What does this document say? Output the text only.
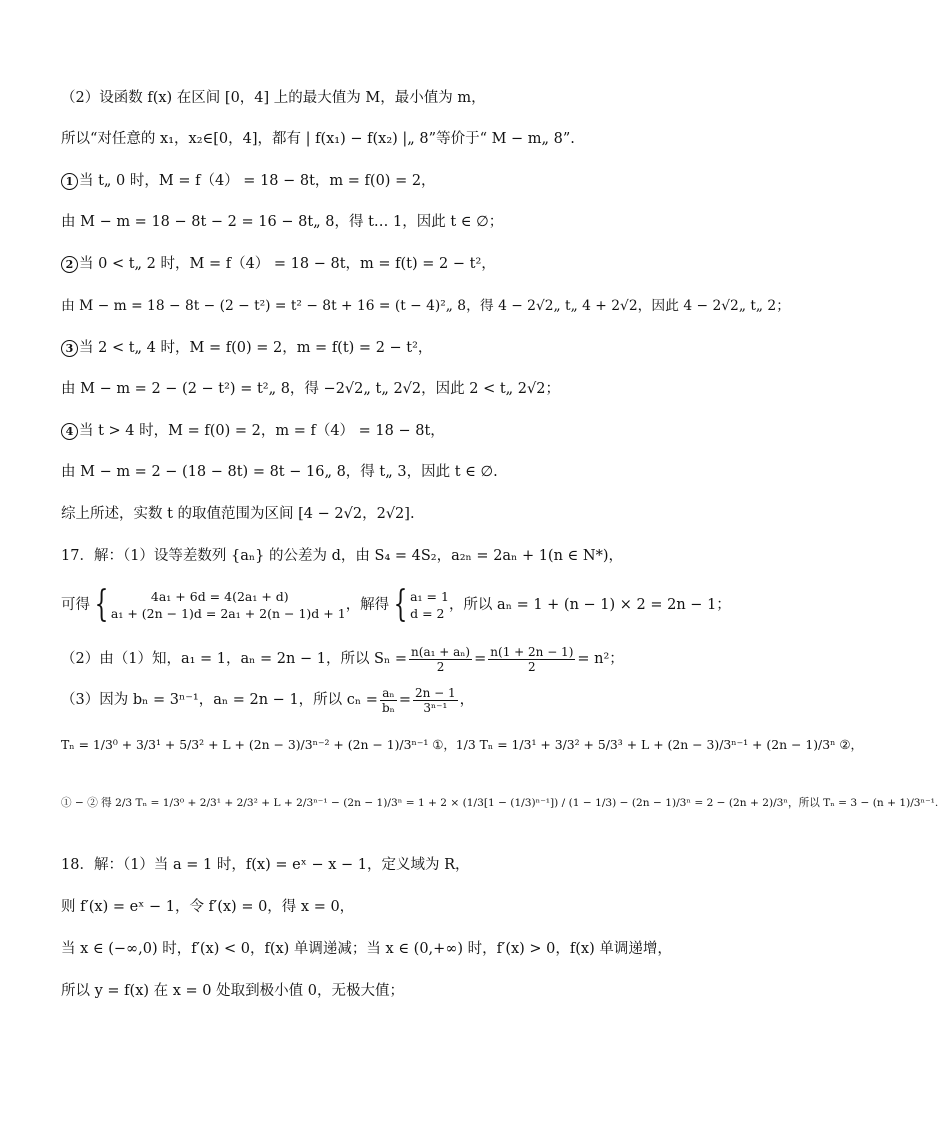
（2）设函数 f(x) 在区间 [0，4] 上的最大值为 M，最小值为 m，
所以“对任意的 x₁，x₂∈[0，4]，都有 | f(x₁) − f(x₂) |„ 8”等价于“ M − m„ 8”.
1 当 t„ 0 时，M = f（4） = 18 − 8t，m = f(0) = 2，
由 M − m = 18 − 8t − 2 = 16 − 8t„ 8，得 t… 1，因此 t ∈ ∅；
2 当 0 < t„ 2 时，M = f（4） = 18 − 8t，m = f(t) = 2 − t²，
由 M − m = 18 − 8t − (2 − t²) = t² − 8t + 16 = (t − 4)²„ 8，得 4 − 2√2„ t„ 4 + 2√2，因此 4 − 2√2„ t„ 2；
3 当 2 < t„ 4 时，M = f(0) = 2，m = f(t) = 2 − t²，
由 M − m = 2 − (2 − t²) = t²„ 8，得 −2√2„ t„ 2√2，因此 2 < t„ 2√2；
4 当 t > 4 时，M = f(0) = 2，m = f（4） = 18 − 8t，
由 M − m = 2 − (18 − 8t) = 8t − 16„ 8，得 t„ 3，因此 t ∈ ∅.
综上所述，实数 t 的取值范围为区间 [4 − 2√2，2√2].
17．解：（1）设等差数列 {aₙ} 的公差为 d，由 S₄ = 4S₂，a₂ₙ = 2aₙ + 1(n ∈ N*)，
可得 {	4a₁ + 6d = 4(2a₁ + d)
a₁ + (2n − 1)d = 2a₁ + 2(n − 1)d + 1
，解得 { a₁ = 1
d = 2
，所以 aₙ = 1 + (n − 1) × 2 = 2n − 1；
（2）由（1）知，a₁ = 1，aₙ = 2n − 1，所以 $S_n = \frac{\text{n(a₁ + aₙ)}}{2} = \frac{n(1 + 2n - 1)}{2} = n^2$；
（3）因为 bₙ = 3ⁿ⁻¹，aₙ = 2n − 1，所以 $c_n = \frac{\text{aₙ}}{\text{bₙ}} = \frac{2n - 1}{\text{3ⁿ⁻¹}}$ ，
Tₙ = 1/3⁰ + 3/3¹ + 5/3² + L + (2n − 3)/3ⁿ⁻² + (2n − 1)/3ⁿ⁻¹ ①，1/3 Tₙ = 1/3¹ + 3/3² + 5/3³ + L + (2n − 3)/3ⁿ⁻¹ + (2n − 1)/3ⁿ ②，
① − ② 得 2/3 Tₙ = 1/3⁰ + 2/3¹ + 2/3² + L + 2/3ⁿ⁻¹ − (2n − 1)/3ⁿ = 1 + 2 × (1/3[1 − (1/3)ⁿ⁻¹]) / (1 − 1/3) − (2n − 1)/3ⁿ = 2 − (2n + 2)/3ⁿ，所以 Tₙ = 3 − (n + 1)/3ⁿ⁻¹.
18．解：（1）当 a = 1 时，f(x) = eˣ − x − 1，定义域为 R，
则 f′(x) = eˣ − 1，令 f′(x) = 0，得 x = 0，
当 x ∈ (−∞,0) 时，f′(x) < 0，f(x) 单调递减；当 x ∈ (0,+∞) 时，f′(x) > 0，f(x) 单调递增，
所以 y = f(x) 在 x = 0 处取到极小值 0，无极大值；
